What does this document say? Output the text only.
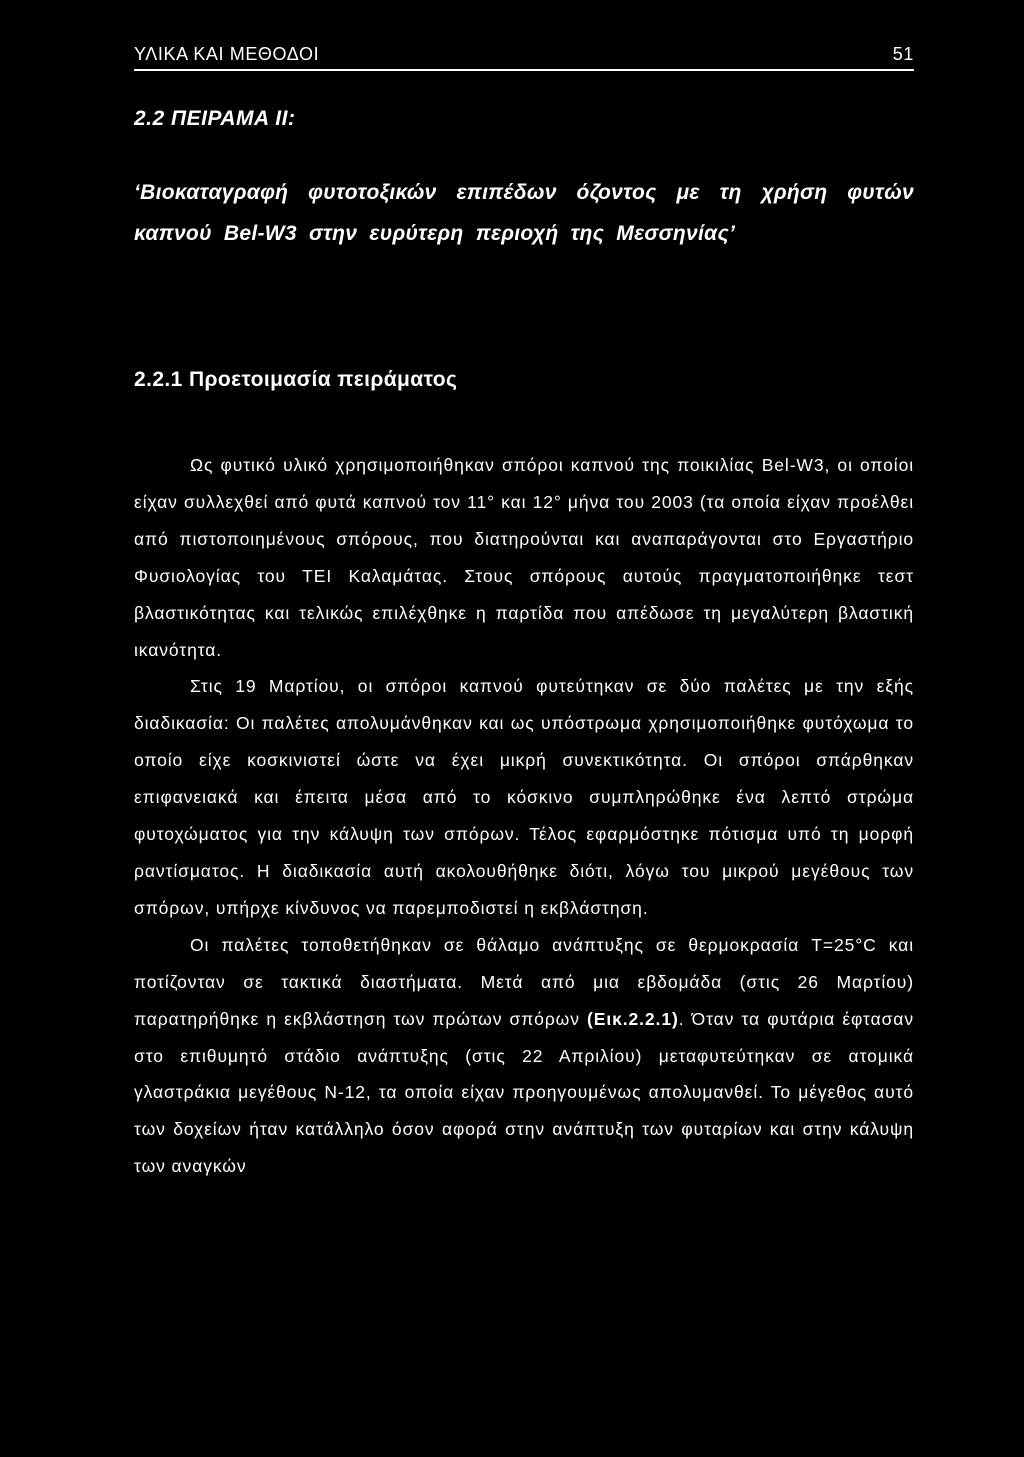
ΥΛΙΚΑ ΚΑΙ ΜΕΘΟΔΟΙ	51
2.2 ΠΕΙΡΑΜΑ ΙΙ:
‘Βιοκαταγραφή φυτοτοξικών επιπέδων όζοντος με τη χρήση φυτών καπνού Bel-W3 στην ευρύτερη περιοχή της Μεσσηνίας’
2.2.1 Προετοιμασία πειράματος

Ως φυτικό υλικό χρησιμοποιήθηκαν σπόροι καπνού της ποικιλίας Bel-W3, οι οποίοι είχαν συλλεχθεί από φυτά καπνού τον 11° και 12° μήνα του 2003 (τα οποία είχαν προέλθει από πιστοποιημένους σπόρους, που διατηρούνται και αναπαράγονται στο Εργαστήριο Φυσιολογίας του ΤΕΙ Καλαμάτας. Στους σπόρους αυτούς πραγματοποιήθηκε τεστ βλαστικότητας και τελικώς επιλέχθηκε η παρτίδα που απέδωσε τη μεγαλύτερη βλαστική ικανότητα.

Στις 19 Μαρτίου, οι σπόροι καπνού φυτεύτηκαν σε δύο παλέτες με την εξής διαδικασία: Οι παλέτες απολυμάνθηκαν και ως υπόστρωμα χρησιμοποιήθηκε φυτόχωμα το οποίο είχε κοσκινιστεί ώστε να έχει μικρή συνεκτικότητα. Οι σπόροι σπάρθηκαν επιφανειακά και έπειτα μέσα από το κόσκινο συμπληρώθηκε ένα λεπτό στρώμα φυτοχώματος για την κάλυψη των σπόρων. Τέλος εφαρμόστηκε πότισμα υπό τη μορφή ραντίσματος. Η διαδικασία αυτή ακολουθήθηκε διότι, λόγω του μικρού μεγέθους των σπόρων, υπήρχε κίνδυνος να παρεμποδιστεί η εκβλάστηση.

Οι παλέτες τοποθετήθηκαν σε θάλαμο ανάπτυξης σε θερμοκρασία T=25°C και ποτίζονταν σε τακτικά διαστήματα. Μετά από μια εβδομάδα (στις 26 Μαρτίου) παρατηρήθηκε η εκβλάστηση των πρώτων σπόρων (Εικ.2.2.1). Όταν τα φυτάρια έφτασαν στο επιθυμητό στάδιο ανάπτυξης (στις 22 Απριλίου) μεταφυτεύτηκαν σε ατομικά γλαστράκια μεγέθους Ν-12, τα οποία είχαν προηγουμένως απολυμανθεί. Το μέγεθος αυτό των δοχείων ήταν κατάλληλο όσον αφορά στην ανάπτυξη των φυταρίων και στην κάλυψη των αναγκών
